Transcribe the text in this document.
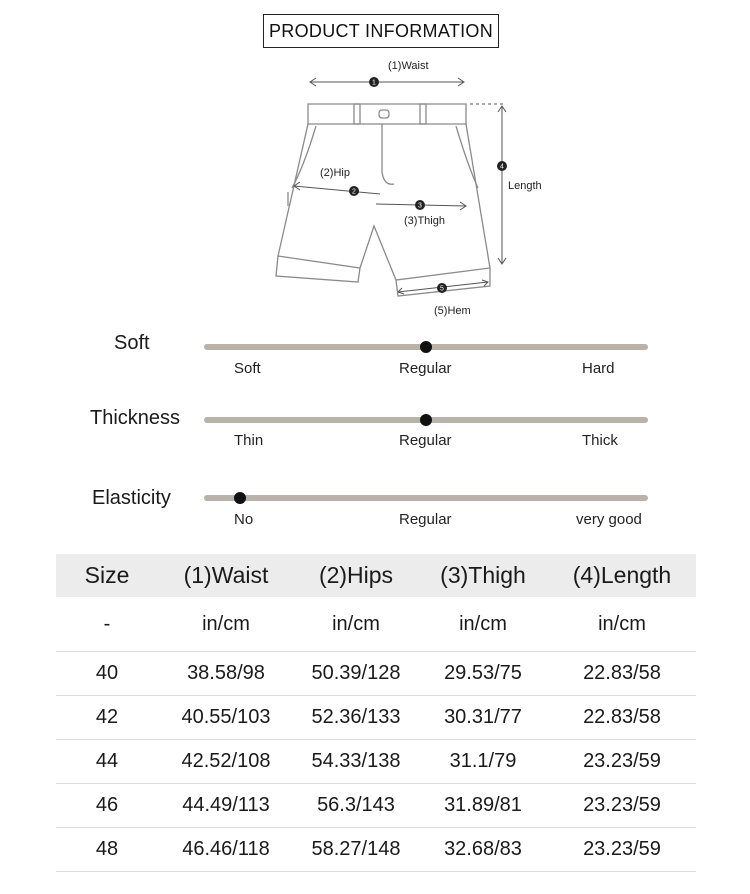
PRODUCT INFORMATION
1
2
3
4
5
(1)Waist
(2)Hip
(3)Thigh
Length
(5)Hem
Soft
Soft	Regular	Hard
Thickness
Thin	Regular	Thick
Elasticity
No	Regular	very good
Size	(1)Waist	(2)Hips	(3)Thigh	(4)Length
-	in/cm	in/cm	in/cm	in/cm
40	38.58/98	50.39/128	29.53/75	22.83/58
42	40.55/103	52.36/133	30.31/77	22.83/58
44	42.52/108	54.33/138	31.1/79	23.23/59
46	44.49/113	56.3/143	31.89/81	23.23/59
48	46.46/118	58.27/148	32.68/83	23.23/59
